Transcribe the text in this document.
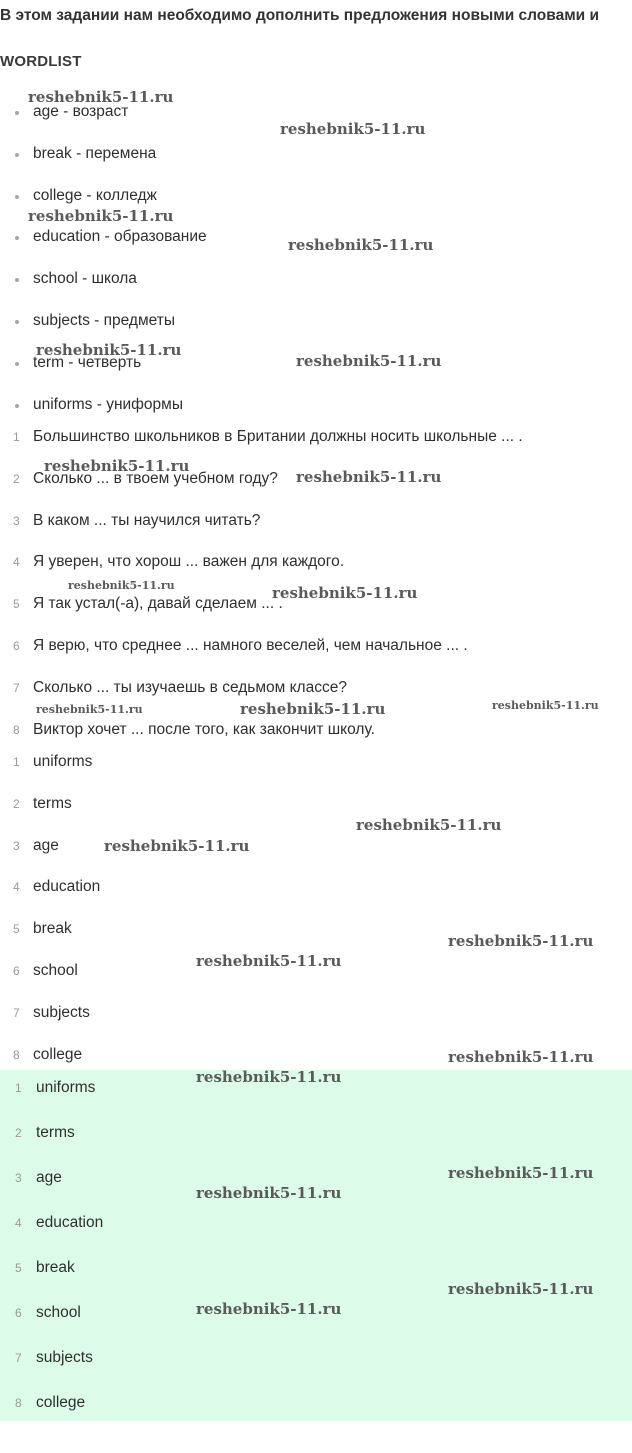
В этом задании нам необходимо дополнить предложения новыми словами и
WORDLIST
age - возраст
break - перемена
college - колледж
education - образование
school - школа
subjects - предметы
term - четверть
uniforms - униформы
1 Большинство школьников в Британии должны носить школьные ... .
2 Сколько ... в твоем учебном году?
3 В каком ... ты научился читать?
4 Я уверен, что хорош ... важен для каждого.
5 Я так устал(-а), давай сделаем ... .
6 Я верю, что среднее ... намного веселей, чем начальное ... .
7 Сколько ... ты изучаешь в седьмом классе?
8 Виктор хочет ... после того, как закончит школу.
1 uniforms
2 terms
3 age
4 education
5 break
6 school
7 subjects
8 college
1 uniforms
2 terms
3 age
4 education
5 break
6 school
7 subjects
8 college
reshebnik5-11.ru
reshebnik5-11.ru
reshebnik5-11.ru
reshebnik5-11.ru
reshebnik5-11.ru
reshebnik5-11.ru
reshebnik5-11.ru
reshebnik5-11.ru
reshebnik5-11.ru	reshebnik5-11.ru
reshebnik5-11.ru	reshebnik5-11.ru	reshebnik5-11.ru
reshebnik5-11.ru
reshebnik5-11.ru
reshebnik5-11.ru
reshebnik5-11.ru
reshebnik5-11.ru
reshebnik5-11.ru
reshebnik5-11.ru
reshebnik5-11.ru
reshebnik5-11.ru
reshebnik5-11.ru
